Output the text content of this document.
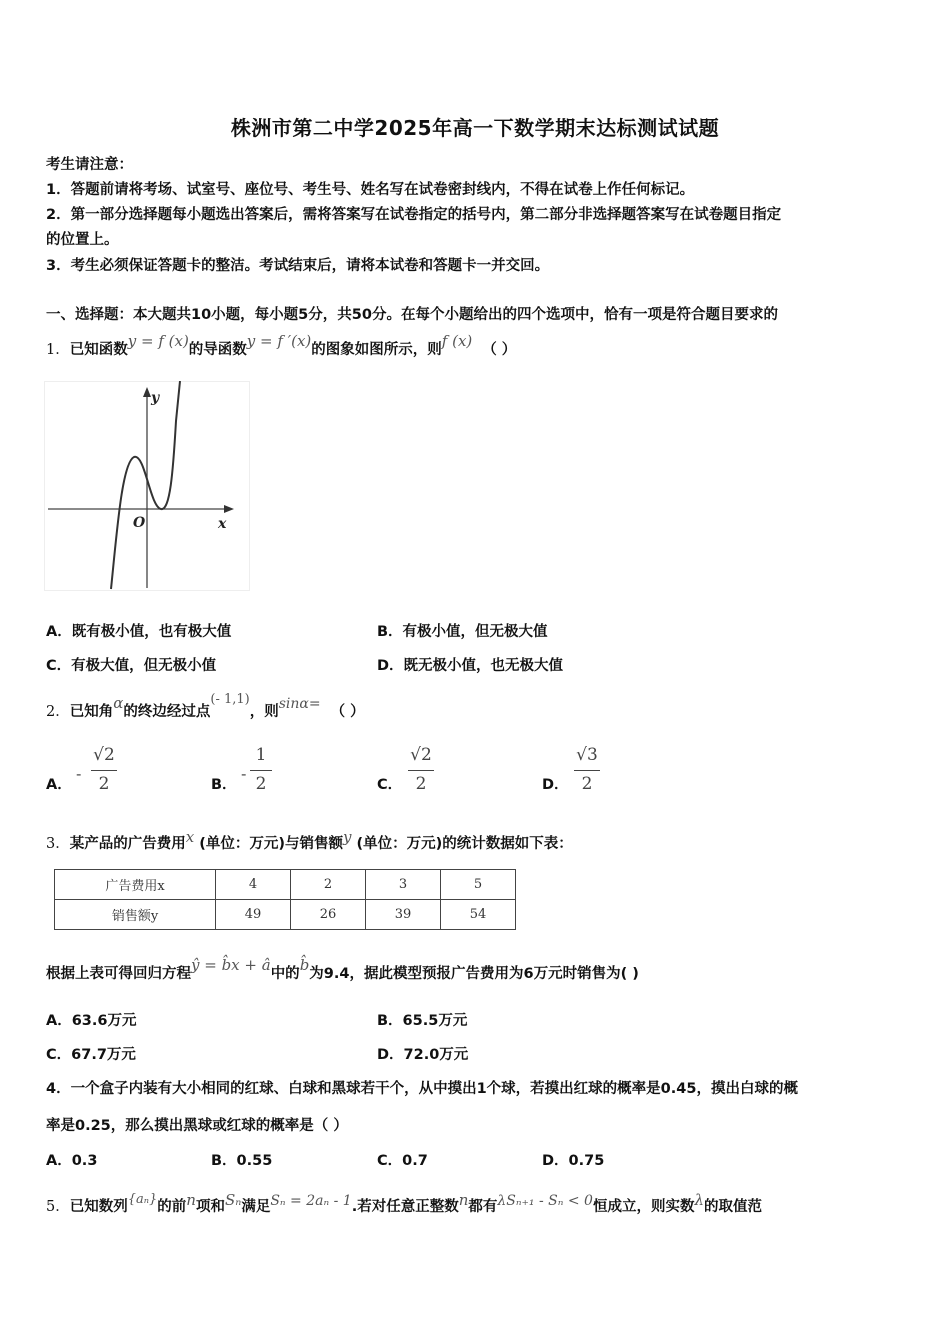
株洲市第二中学2025年高一下数学期末达标测试试题
考生请注意：
1．答题前请将考场、试室号、座位号、考生号、姓名写在试卷密封线内，不得在试卷上作任何标记。
2．第一部分选择题每小题选出答案后，需将答案写在试卷指定的括号内，第二部分非选择题答案写在试卷题目指定
的位置上。
3．考生必须保证答题卡的整洁。考试结束后，请将本试卷和答题卡一并交回。
一、选择题：本大题共10小题，每小题5分，共50分。在每个小题给出的四个选项中，恰有一项是符合题目要求的
1．已知函数y = f (x)的导函数y = f ′(x)的图象如图所示，则f (x) （ ）
y
x
O
A．既有极小值，也有极大值	B．有极小值，但无极大值
C．有极大值，但无极小值	D．既无极小值，也无极大值
2．已知角α的终边经过点(- 1,1)，则sinα= （ ）
A．
-
√2
2	B．
-
1
2	C．
√2
2	D．
√3
2
3．某产品的广告费用x (单位：万元)与销售额y (单位：万元)的统计数据如下表：
广告费用x	4	2	3	5
销售额y	49	26	39	54
根据上表可得回归方程ŷ = b̂x + â中的b̂为9.4，据此模型预报广告费用为6万元时销售为( )
A．63.6万元	B．65.5万元
C．67.7万元	D．72.0万元
4．一个盒子内装有大小相同的红球、白球和黑球若干个，从中摸出1个球，若摸出红球的概率是0.45，摸出白球的概
率是0.25，那么摸出黑球或红球的概率是（ ）
A．0.3	B．0.55	C．0.7	D．0.75
5．已知数列{aₙ}的前n项和Sₙ满足Sₙ = 2aₙ - 1.若对任意正整数n都有λSₙ₊₁ - Sₙ < 0恒成立，则实数λ的取值范
